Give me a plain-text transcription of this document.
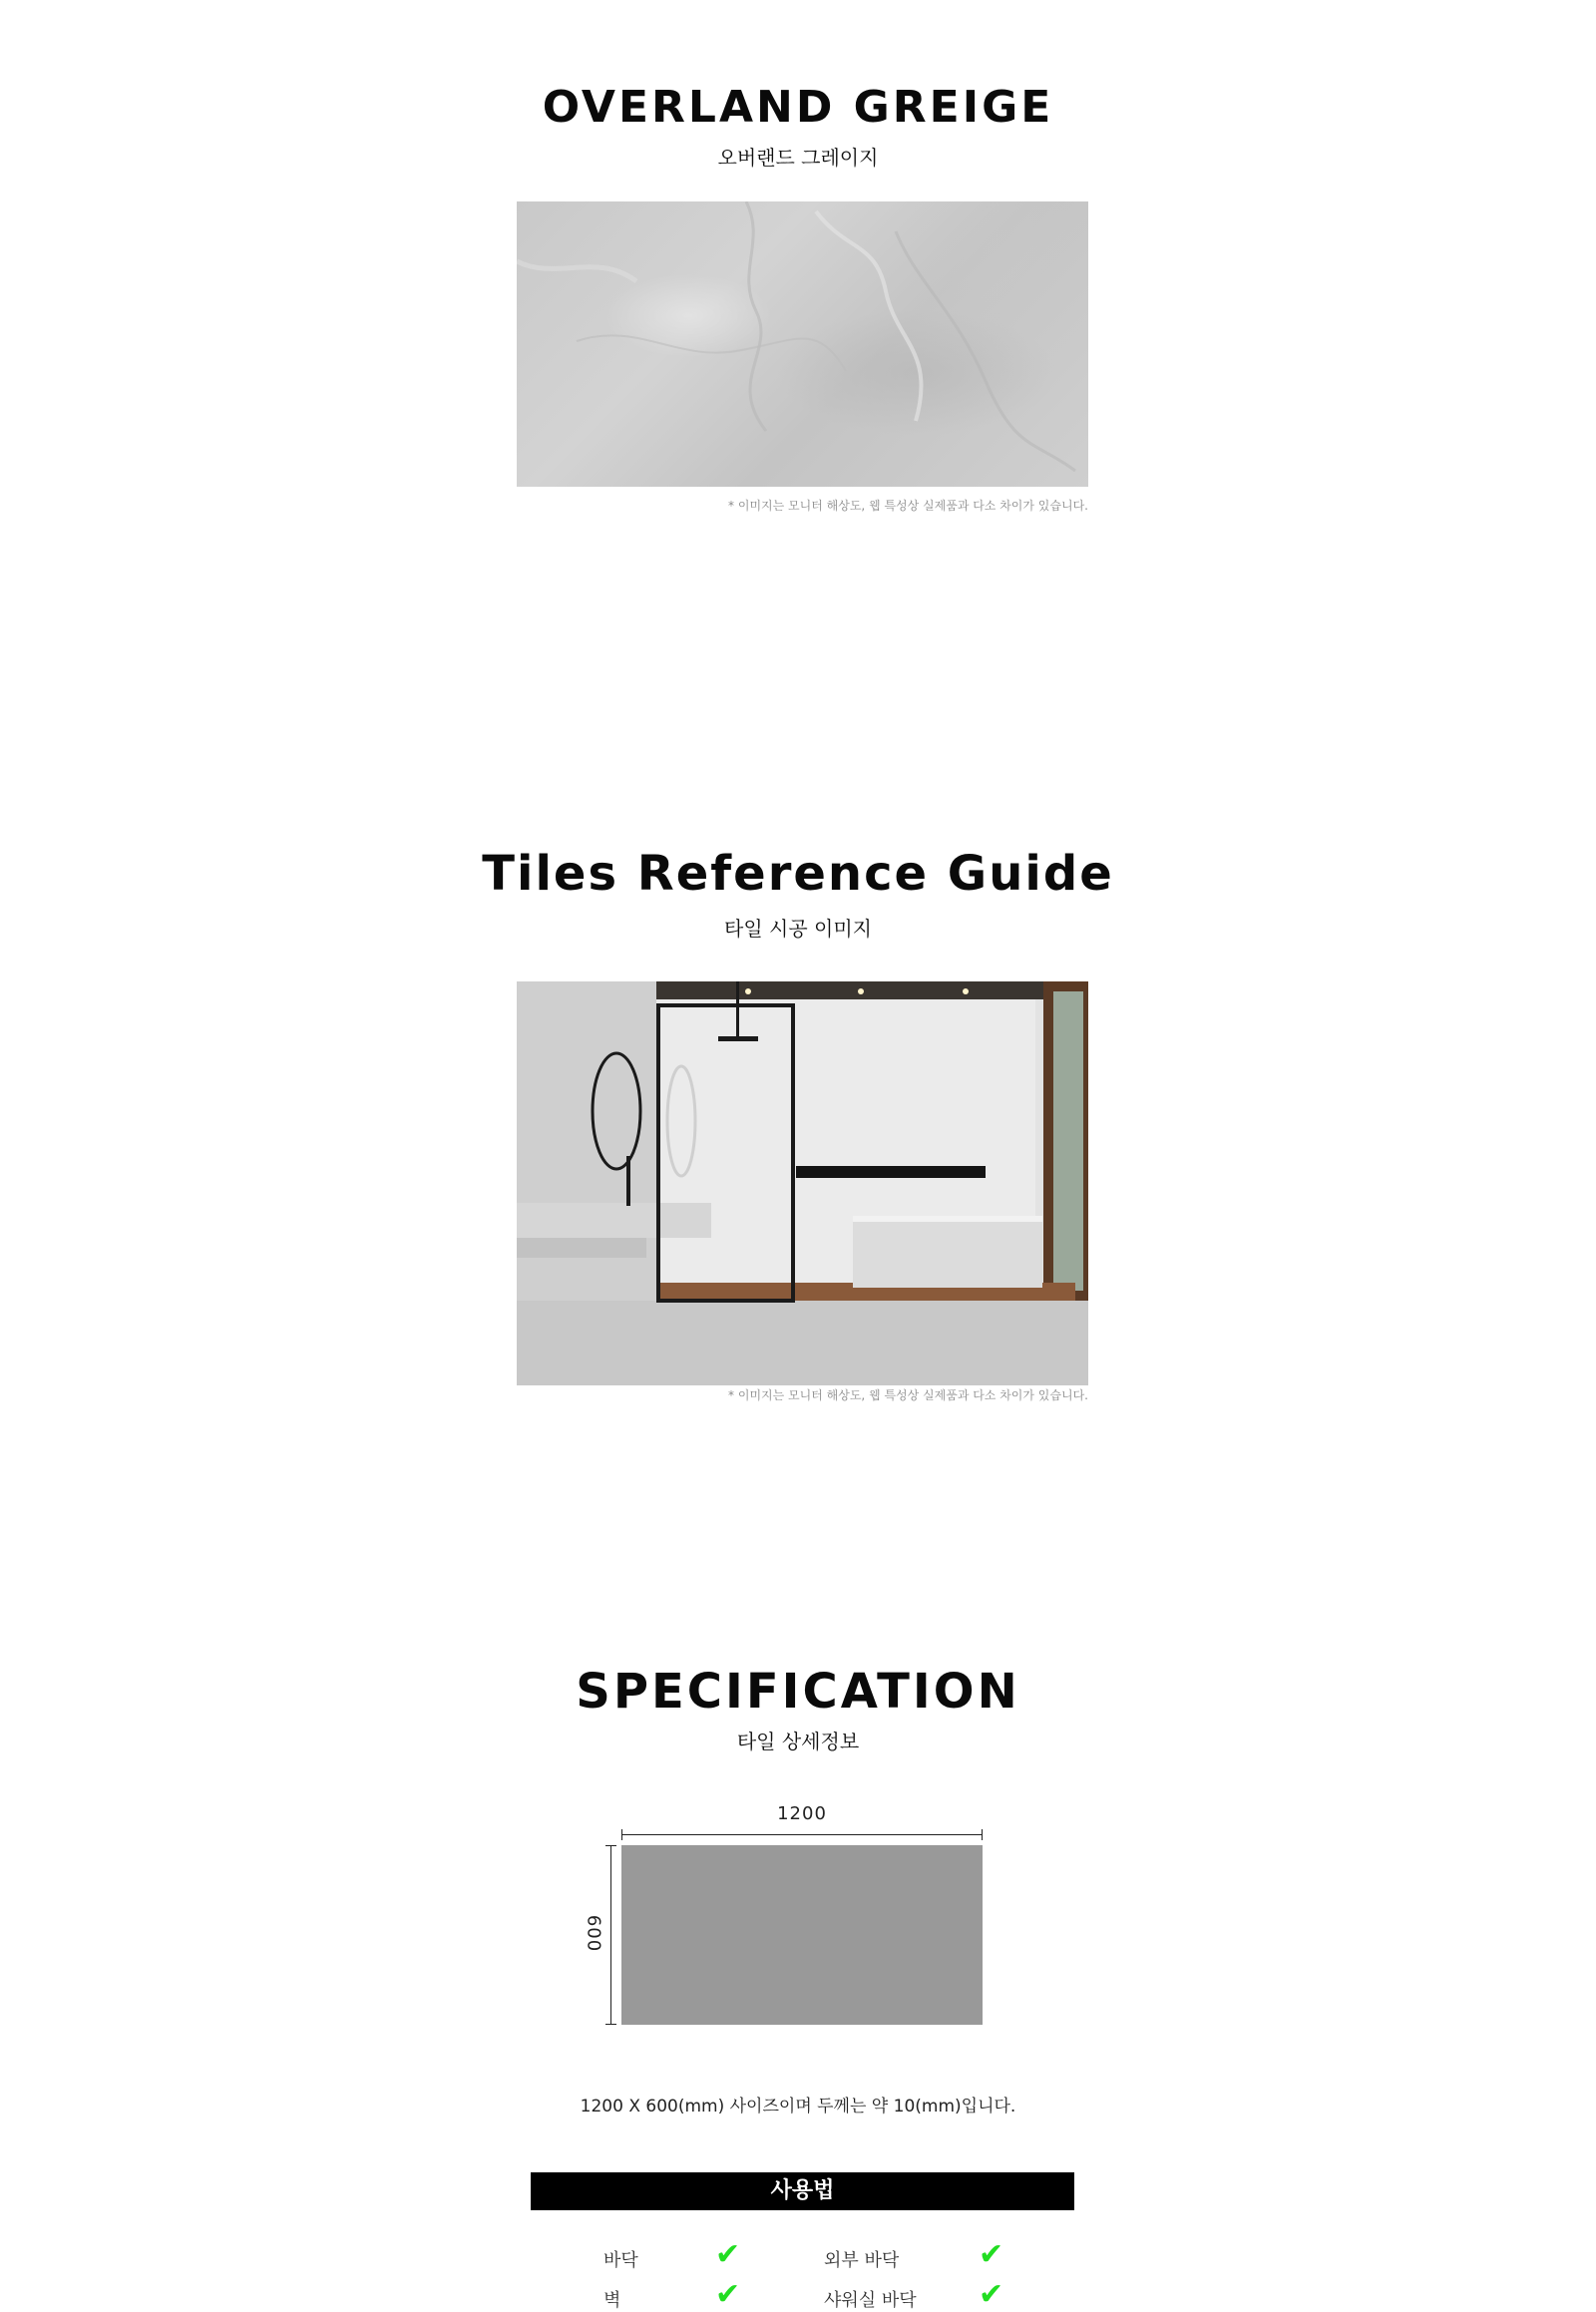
OVERLAND GREIGE
오버랜드 그레이지
* 이미지는 모니터 해상도, 웹 특성상 실제품과 다소 차이가 있습니다.
Tiles Reference Guide
타일 시공 이미지
* 이미지는 모니터 해상도, 웹 특성상 실제품과 다소 차이가 있습니다.
SPECIFICATION
타일 상세정보
1200
600
1200 X 600(mm) 사이즈이며 두께는 약 10(mm)입니다.
사용법
바닥	✔	외부 바닥	✔
벽	✔	샤워실 바닥 ✔
